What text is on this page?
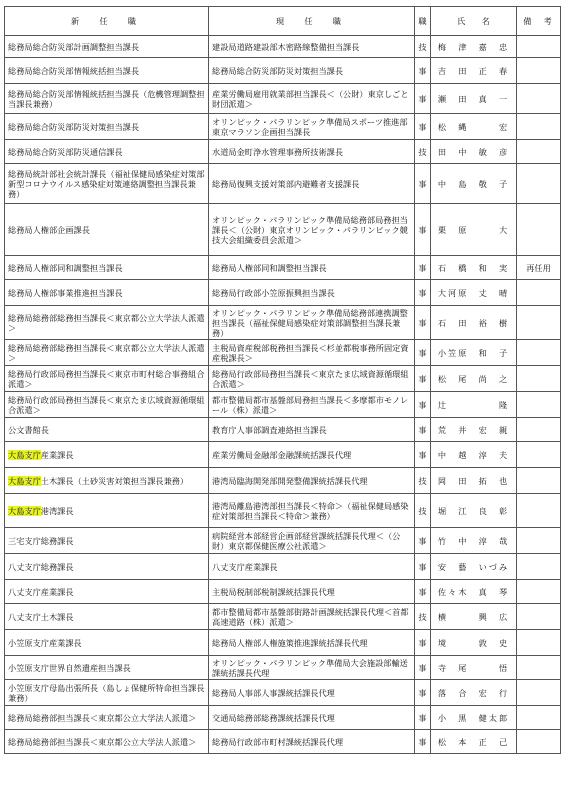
新　任　職	現　任　職	職	氏　　名	備　考
総務局総合防災部計画調整担当課長	建設局道路建設部木密路線整備担当課長	技	梅　津　嘉　忠	
総務局総合防災部情報統括担当課長	総務局総合防災部防災対策担当課長	事	吉　田　正　春	
総務局総合防災部情報統括担当課長（危機管理調整担当課長兼務）	産業労働局雇用就業部担当課長＜（公財）東京しごと財団派遣＞	事	瀬　田　真　一	
総務局総合防災部防災対策担当課長	オリンピック・パラリンピック準備局スポーツ推進部東京マラソン企画担当課長	事	松　縄　　　宏	
総務局総合防災部防災通信課長	水道局金町浄水管理事務所技術課長	技	田　中　敏　彦	
総務局統計部社会統計課長（福祉保健局感染症対策部新型コロナウイルス感染症対策連絡調整担当課長兼務）	総務局復興支援対策部内避難者支援課長	事	中　島　敬　子	
総務局人権部企画課長	オリンピック・パラリンピック準備局総務部局務担当課長＜（公財）東京オリンピック・パラリンピック競技大会組織委員会派遣＞	事	栗　原　　　大	
総務局人権部同和調整担当課長	総務局人権部同和調整担当課長	事	石　橋　和　実	再任用
総務局人権部事業推進担当課長	総務局行政部小笠原振興担当課長	事	大河原　丈　晴	
総務局総務部総務担当課長＜東京都公立大学法人派遣＞	オリンピック・パラリンピック準備局総務部連携調整担当課長（福祉保健局感染症対策部調整担当課長兼務）	事	石　田　裕　樹	
総務局総務部総務担当課長＜東京都公立大学法人派遣＞	主税局資産税部税務担当課長＜杉並都税事務所固定資産税課長＞	事	小笠原　和　子	
総務局行政部局務担当課長＜東京市町村総合事務組合派遣＞	総務局行政部局務担当課長＜東京たま広域資源循環組合派遣＞	事	松　尾　尚　之	
総務局行政部局務担当課長＜東京たま広域資源循環組合派遣＞	都市整備局都市基盤部局務担当課長＜多摩都市モノレール（株）派遣＞	事	辻　　　　　隆	
公文書館長	教育庁人事部調査連絡担当課長	事	荒　井　宏　親	
大島支庁産業課長	産業労働局金融部金融課統括課長代理	事	中　越　淳　夫	
大島支庁土木課長（土砂災害対策担当課長兼務）	港湾局臨海開発部開発整備課統括課長代理	技	岡　田　拓　也	
大島支庁港湾課長	港湾局離島港湾部担当課長＜特命＞（福祉保健局感染症対策部担当課長＜特命＞兼務）	技	堀　江　良　彰	
三宅支庁総務課長	病院経営本部経営企画部経営課統括課長代理＜（公財）東京都保健医療公社派遣＞	事	竹　中　淳　哉	
八丈支庁総務課長	八丈支庁産業課長	事	安　藝　いづみ	
八丈支庁産業課長	主税局税制部税制課統括課長代理	事	佐々木　真　琴	
八丈支庁土木課長	都市整備局都市基盤部街路計画課統括課長代理＜首都高速道路（株）派遣＞	技	横　　　興　広	
小笠原支庁産業課長	総務局人権部人権施策推進課統括課長代理	事	境　　　敦　史	
小笠原支庁世界自然遺産担当課長	オリンピック・パラリンピック準備局大会施設部輸送課統括課長代理	事	寺　尾　　　悟	
小笠原支庁母島出張所長（島しょ保健所特命担当課長兼務）	総務局人事部人事課統括課長代理	事	落　合　宏　行	
総務局総務部担当課長＜東京都公立大学法人派遣＞	交通局総務部総務課統括課長代理	事	小　黒　健太郎	
総務局総務部担当課長＜東京都公立大学法人派遣＞	総務局行政部市町村課統括課長代理	事	松　本　正　己	
